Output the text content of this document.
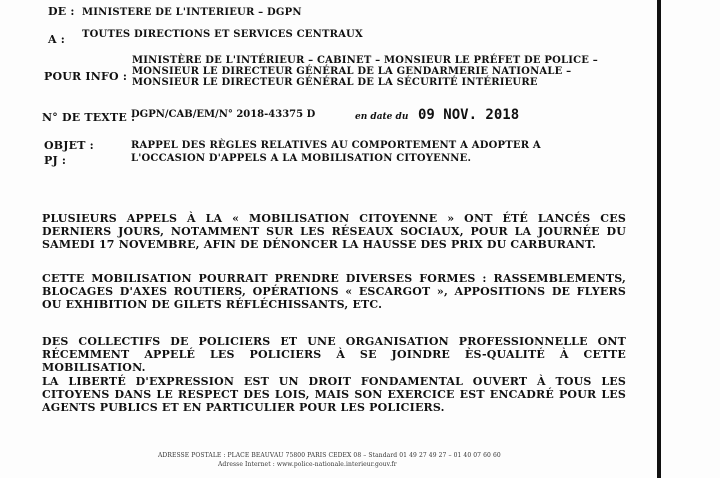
DE : MINISTERE DE L'INTERIEUR – DGPN
A : TOUTES DIRECTIONS ET SERVICES CENTRAUX
POUR INFO :
MINISTÈRE DE L'INTÉRIEUR – CABINET – MONSIEUR LE PRÉFET DE POLICE – MONSIEUR LE DIRECTEUR GÉNÉRAL DE LA GENDARMERIE NATIONALE – MONSIEUR LE DIRECTEUR GÉNÉRAL DE LA SÉCURITÉ INTÉRIEURE
N° DE TEXTE :
DGPN/CAB/EM/N° 2018-43375 D	en date du 09 NOV. 2018
OBJET :
PJ :
RAPPEL DES RÈGLES RELATIVES AU COMPORTEMENT A ADOPTER A L'OCCASION D'APPELS A LA MOBILISATION CITOYENNE.
PLUSIEURS APPELS À LA « MOBILISATION CITOYENNE » ONT ÉTÉ LANCÉS CES DERNIERS JOURS, NOTAMMENT SUR LES RÉSEAUX SOCIAUX, POUR LA JOURNÉE DU SAMEDI 17 NOVEMBRE, AFIN DE DÉNONCER LA HAUSSE DES PRIX DU CARBURANT.
CETTE MOBILISATION POURRAIT PRENDRE DIVERSES FORMES : RASSEMBLEMENTS, BLOCAGES D'AXES ROUTIERS, OPÉRATIONS « ESCARGOT », APPOSITIONS DE FLYERS OU EXHIBITION DE GILETS RÉFLÉCHISSANTS, ETC.
DES COLLECTIFS DE POLICIERS ET UNE ORGANISATION PROFESSIONNELLE ONT RÉCEMMENT APPELÉ LES POLICIERS À SE JOINDRE ÈS-QUALITÉ À CETTE MOBILISATION.
LA LIBERTÉ D'EXPRESSION EST UN DROIT FONDAMENTAL OUVERT À TOUS LES CITOYENS DANS LE RESPECT DES LOIS, MAIS SON EXERCICE EST ENCADRÉ POUR LES AGENTS PUBLICS ET EN PARTICULIER POUR LES POLICIERS.
ADRESSE POSTALE : PLACE BEAUVAU 75800 PARIS CEDEX 08 – Standard 01 49 27 49 27 – 01 40 07 60 60
Adresse Internet : www.police-nationale.interieur.gouv.fr
